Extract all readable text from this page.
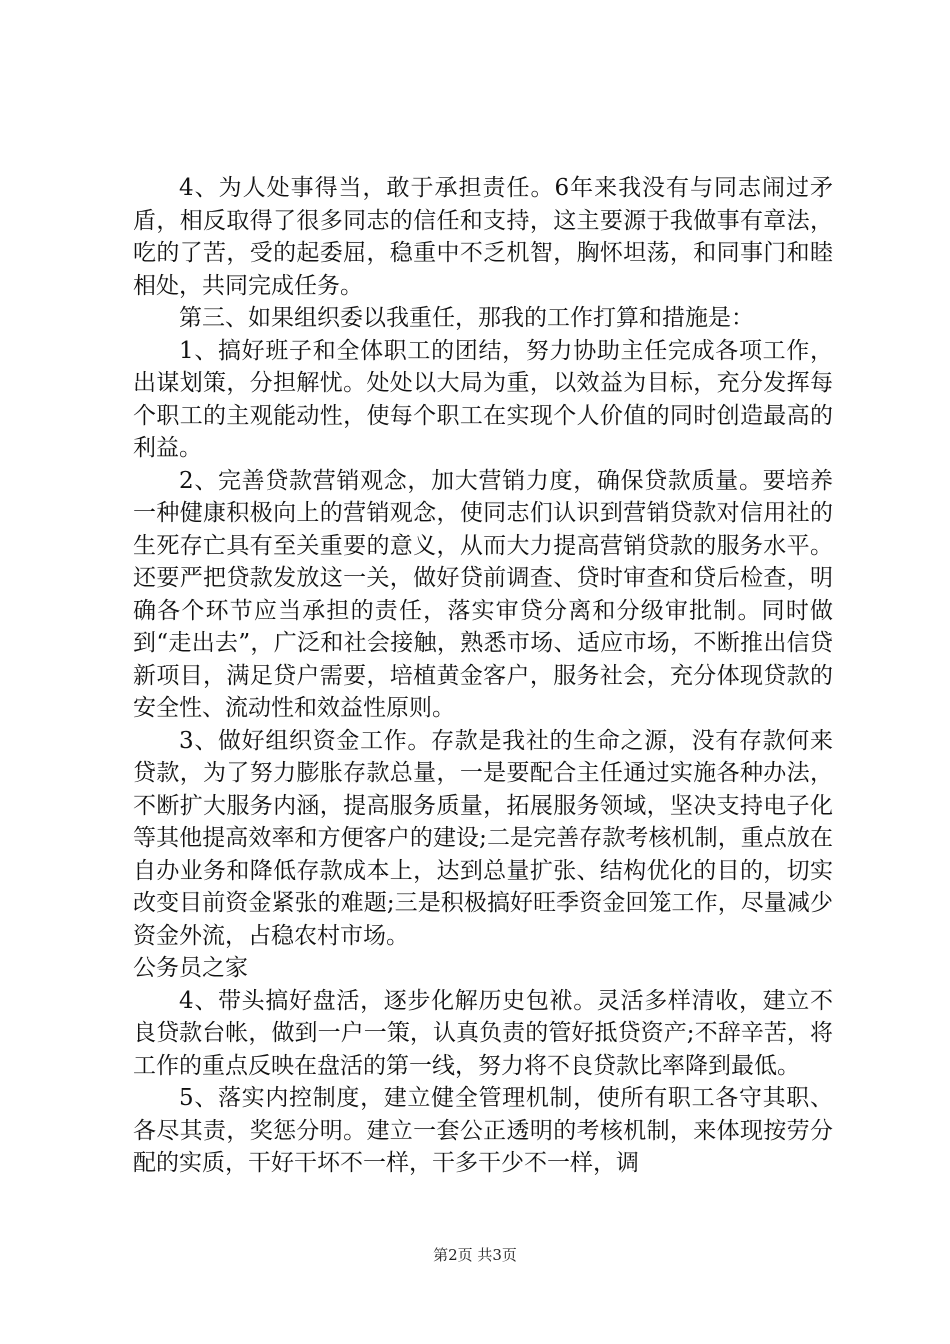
4、为人处事得当，敢于承担责任。6年来我没有与同志闹过矛盾，相反取得了很多同志的信任和支持，这主要源于我做事有章法，吃的了苦，受的起委屈，稳重中不乏机智，胸怀坦荡，和同事门和睦相处，共同完成任务。

第三、如果组织委以我重任，那我的工作打算和措施是：

1、搞好班子和全体职工的团结，努力协助主任完成各项工作，出谋划策，分担解忧。处处以大局为重，以效益为目标，充分发挥每个职工的主观能动性，使每个职工在实现个人价值的同时创造最高的利益。

2、完善贷款营销观念，加大营销力度，确保贷款质量。要培养一种健康积极向上的营销观念，使同志们认识到营销贷款对信用社的生死存亡具有至关重要的意义，从而大力提高营销贷款的服务水平。还要严把贷款发放这一关，做好贷前调查、贷时审查和贷后检查，明确各个环节应当承担的责任，落实审贷分离和分级审批制。同时做到“走出去”，广泛和社会接触，熟悉市场、适应市场，不断推出信贷新项目，满足贷户需要，培植黄金客户，服务社会，充分体现贷款的安全性、流动性和效益性原则。

3、做好组织资金工作。存款是我社的生命之源，没有存款何来贷款，为了努力膨胀存款总量，一是要配合主任通过实施各种办法，不断扩大服务内涵，提高服务质量，拓展服务领域，坚决支持电子化等其他提高效率和方便客户的建设;二是完善存款考核机制，重点放在自办业务和降低存款成本上，达到总量扩张、结构优化的目的，切实改变目前资金紧张的难题;三是积极搞好旺季资金回笼工作，尽量减少资金外流，占稳农村市场。

公务员之家

4、带头搞好盘活，逐步化解历史包袱。灵活多样清收，建立不良贷款台帐，做到一户一策，认真负责的管好抵贷资产;不辞辛苦，将工作的重点反映在盘活的第一线，努力将不良贷款比率降到最低。

5、落实内控制度，建立健全管理机制，使所有职工各守其职、各尽其责，奖惩分明。建立一套公正透明的考核机制，来体现按劳分配的实质，干好干坏不一样，干多干少不一样，调

第2页 共3页
